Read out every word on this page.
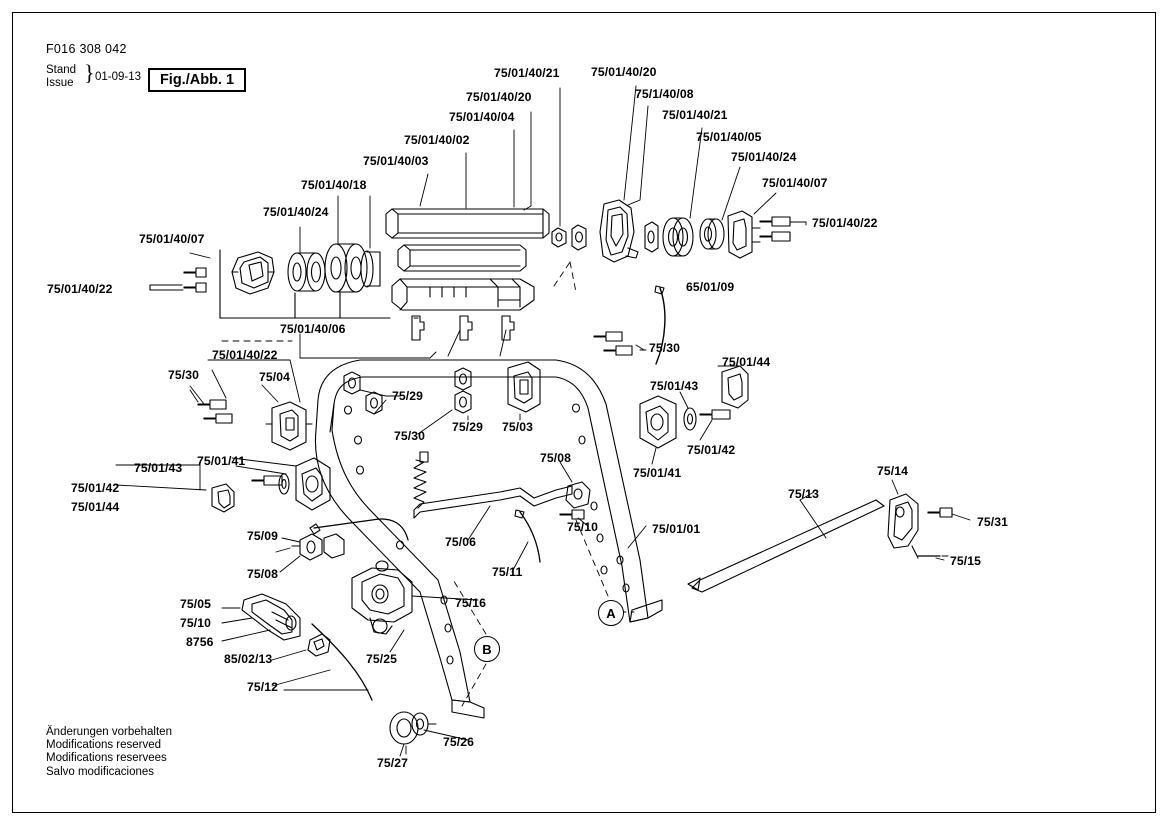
F016 308 042
Stand
Issue } 01-09-13	Fig./Abb. 1
A
B
75/01/40/21	75/01/40/20
75/1/40/08
75/01/40/20
75/01/40/21
75/01/40/04
75/01/40/05
75/01/40/02
75/01/40/24
75/01/40/03
75/01/40/07
75/01/40/18
75/01/40/22
75/01/40/24
75/01/40/07
75/01/40/22
75/01/40/06
65/01/09
75/30
75/01/44
75/01/40/22
75/30	75/04
75/01/43
75/29
75/29 75/03
75/01/42
75/30
75/01/41
75/01/41
75/01/43
75/08
75/14
75/13
75/01/42
75/01/44
75/31
75/10	75/01/01
75/09	75/06
75/15
75/08	75/11
75/16
75/05
75/10
8756
85/02/13	75/25
75/12
75/26
75/27
Änderungen vorbehalten
Modifications reserved
Modifications reservees
Salvo modificaciones
